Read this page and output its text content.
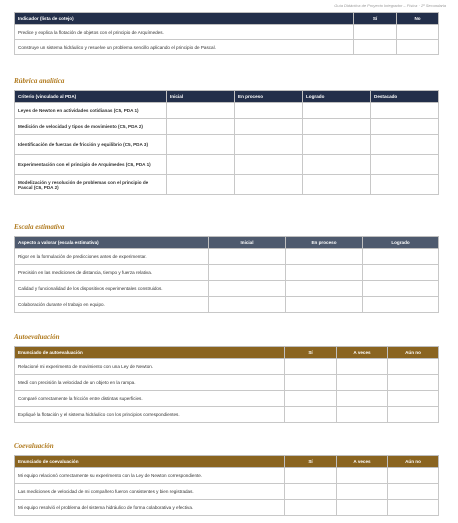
Guía Didáctica de Proyecto Integrador – Física · 2º Secundaria
Indicador (lista de cotejo)	Sí	No
Predice y explica la flotación de objetos con el principio de Arquímedes.		
Construye un sistema hidráulico y resuelve un problema sencillo aplicando el principio de Pascal.		
Rúbrica analítica
Criterio (vinculado al PDA)	Inicial	En proceso	Logrado	Destacado
Leyes de Newton en actividades cotidianas (C5, PDA 1)				
Medición de velocidad y tipos de movimiento (C5, PDA 2)				
Identificación de fuerzas de fricción y equilibrio (C5, PDA 3)				
Experimentación con el principio de Arquímedes (C6, PDA 1)				
Modelización y resolución de problemas con el principio de Pascal (C6, PDA 2)				
Escala estimativa
Aspecto a valorar (escala estimativa)	Inicial	En proceso	Logrado
Rigor en la formulación de predicciones antes de experimentar.			
Precisión en las mediciones de distancia, tiempo y fuerza relativa.			
Calidad y funcionalidad de los dispositivos experimentales construidos.			
Colaboración durante el trabajo en equipo.			
Autoevaluación
Enunciado de autoevaluación	Sí	A veces	Aún no
Relacioné mi experimento de movimiento con una Ley de Newton.			
Medí con precisión la velocidad de un objeto en la rampa.			
Comparé correctamente la fricción entre distintas superficies.			
Expliqué la flotación y el sistema hidráulico con los principios correspondientes.			
Coevaluación
Enunciado de coevaluación	Sí	A veces	Aún no
Mi equipo relacionó correctamente su experimento con la Ley de Newton correspondiente.			
Las mediciones de velocidad de mi compañero fueron consistentes y bien registradas.			
Mi equipo resolvió el problema del sistema hidráulico de forma colaborativa y efectiva.			
